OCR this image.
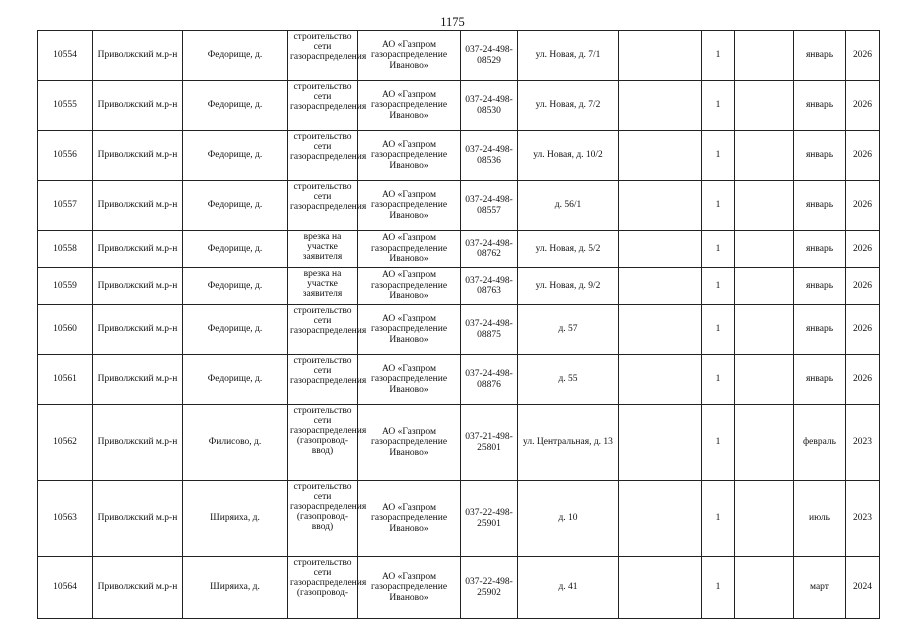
1175
10554	Приволжский м.р-н	Федорище, д.	строительство сети газораспределения	АО «Газпром газораспределение Иваново»	037-24-498-08529	ул. Новая, д. 7/1		1		январь	2026
10555	Приволжский м.р-н	Федорище, д.	строительство сети газораспределения	АО «Газпром газораспределение Иваново»	037-24-498-08530	ул. Новая, д. 7/2		1		январь	2026
10556	Приволжский м.р-н	Федорище, д.	строительство сети газораспределения	АО «Газпром газораспределение Иваново»	037-24-498-08536	ул. Новая, д. 10/2		1		январь	2026
10557	Приволжский м.р-н	Федорище, д.	строительство сети газораспределения	АО «Газпром газораспределение Иваново»	037-24-498-08557	д. 56/1		1		январь	2026
10558	Приволжский м.р-н	Федорище, д.	врезка на участке заявителя	АО «Газпром газораспределение Иваново»	037-24-498-08762	ул. Новая, д. 5/2		1		январь	2026
10559	Приволжский м.р-н	Федорище, д.	врезка на участке заявителя	АО «Газпром газораспределение Иваново»	037-24-498-08763	ул. Новая, д. 9/2		1		январь	2026
10560	Приволжский м.р-н	Федорище, д.	строительство сети газораспределения	АО «Газпром газораспределение Иваново»	037-24-498-08875	д. 57		1		январь	2026
10561	Приволжский м.р-н	Федорище, д.	строительство сети газораспределения	АО «Газпром газораспределение Иваново»	037-24-498-08876	д. 55		1		январь	2026
10562	Приволжский м.р-н	Филисово, д.	строительство сети газораспределения (газопровод-ввод)	АО «Газпром газораспределение Иваново»	037-21-498-25801	ул. Центральная, д. 13		1		февраль	2023
10563	Приволжский м.р-н	Ширяиха, д.	строительство сети газораспределения (газопровод-ввод)	АО «Газпром газораспределение Иваново»	037-22-498-25901	д. 10		1		июль	2023
10564	Приволжский м.р-н	Ширяиха, д.	строительство сети газораспределения (газопровод-	АО «Газпром газораспределение Иваново»	037-22-498-25902	д. 41		1		март	2024
